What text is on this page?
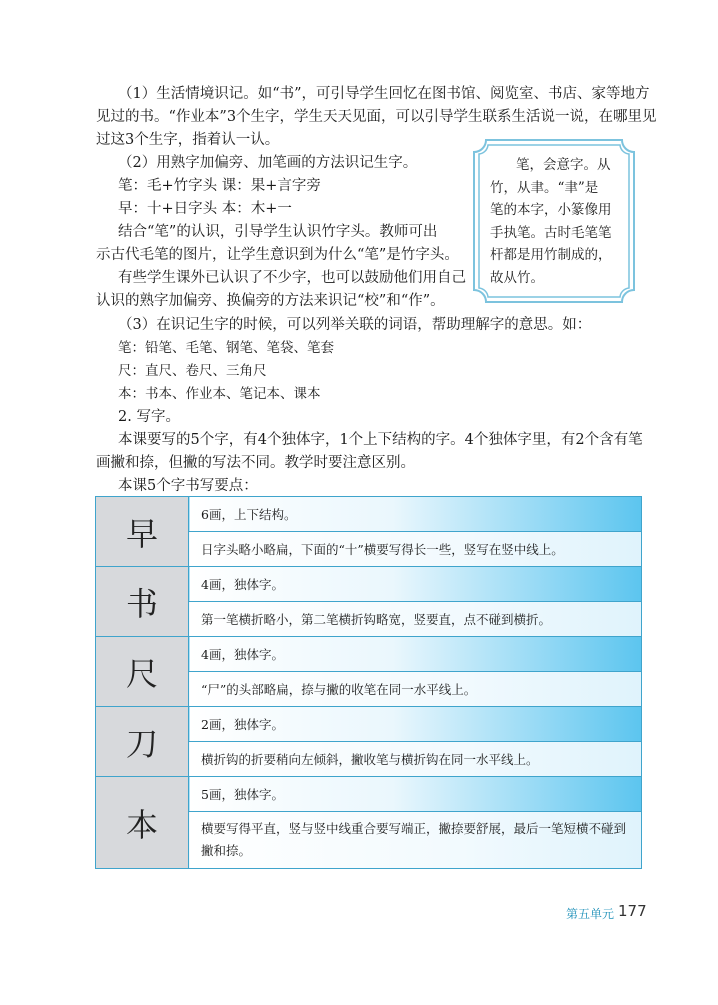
（1）生活情境识记。如“书”，可引导学生回忆在图书馆、阅览室、书店、家等地方
见过的书。“作业本”3个生字，学生天天见面，可以引导学生联系生活说一说，在哪里见
过这3个生字，指着认一认。
（2）用熟字加偏旁、加笔画的方法识记生字。
笔：毛+竹字头 课：果+言字旁
早：十+日字头 本：木+一
结合“笔”的认识，引导学生认识竹字头。教师可出
示古代毛笔的图片，让学生意识到为什么“笔”是竹字头。
有些学生课外已认识了不少字，也可以鼓励他们用自己
认识的熟字加偏旁、换偏旁的方法来识记“校”和“作”。
（3）在识记生字的时候，可以列举关联的词语，帮助理解字的意思。如：
笔：铅笔、毛笔、钢笔、笔袋、笔套
尺：直尺、卷尺、三角尺
本：书本、作业本、笔记本、课本
2. 写字。
本课要写的5个字，有4个独体字，1个上下结构的字。4个独体字里，有2个含有笔
画撇和捺，但撇的写法不同。教学时要注意区别。
本课5个字书写要点：
笔，会意字。从
竹，从聿。“聿”是
笔的本字，小篆像用
手执笔。古时毛笔笔
杆都是用竹制成的，
故从竹。
早	6画，上下结构。
	日字头略小略扁，下面的“十”横要写得长一些，竖写在竖中线上。
书	4画，独体字。
	第一笔横折略小，第二笔横折钩略宽，竖要直，点不碰到横折。
尺	4画，独体字。
	“尸”的头部略扁，捺与撇的收笔在同一水平线上。
刀	2画，独体字。
	横折钩的折要稍向左倾斜，撇收笔与横折钩在同一水平线上。
本	5画，独体字。
	横要写得平直，竖与竖中线重合要写端正，撇捺要舒展，最后一笔短横不碰到撇和捺。
第五单元 177
